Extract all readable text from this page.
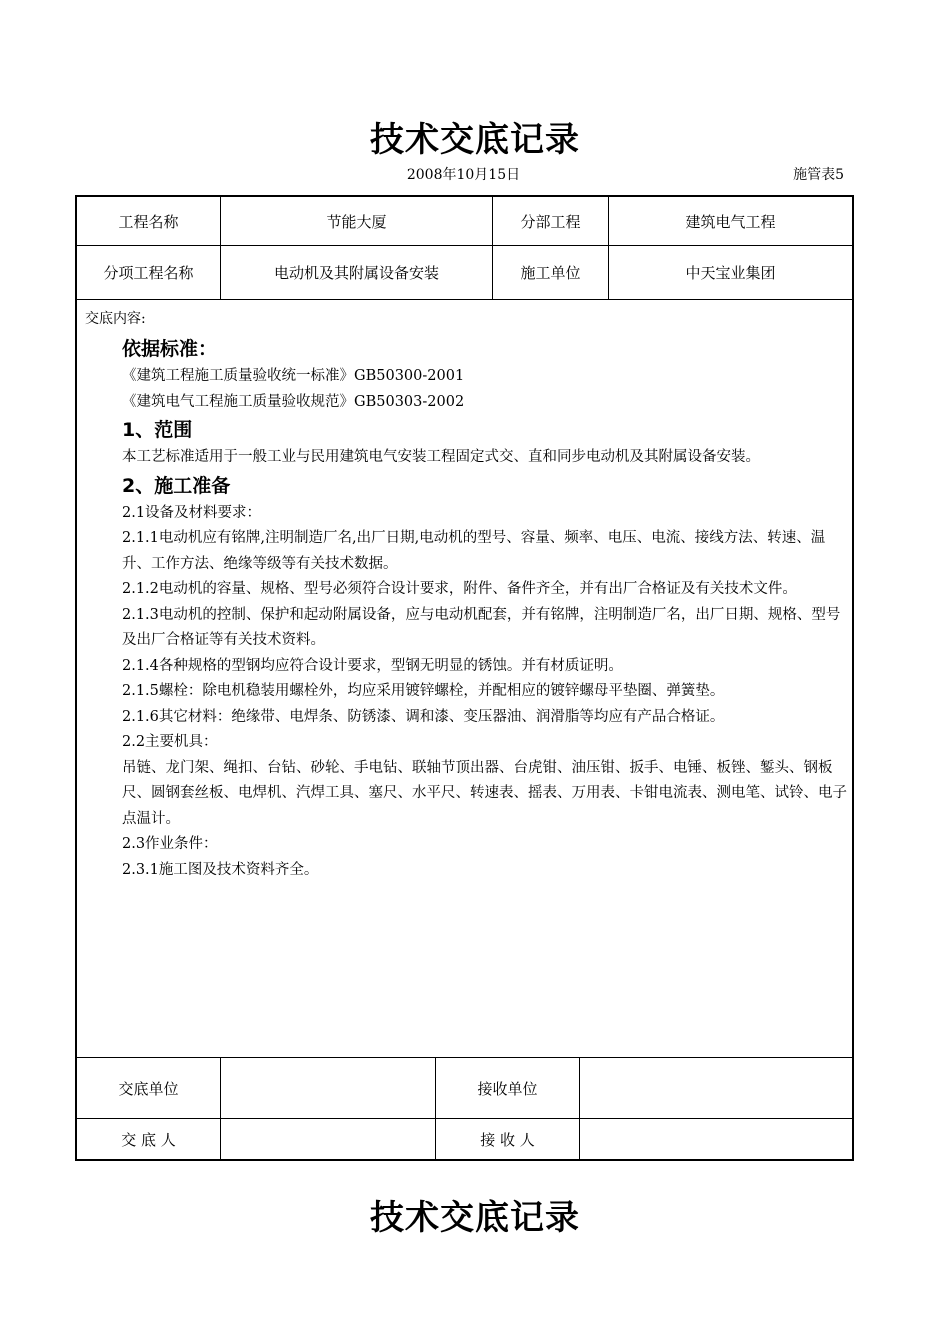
技术交底记录
2008年10月15日	施管表5
工程名称	节能大厦	分部工程	建筑电气工程
分项工程名称	电动机及其附属设备安装	施工单位	中天宝业集团
交底内容:

依据标准：

《建筑工程施工质量验收统一标准》GB50300-2001

《建筑电气工程施工质量验收规范》GB50303-2002

1、范围

本工艺标准适用于一般工业与民用建筑电气安装工程固定式交、直和同步电动机及其附属设备安装。

2、施工准备

2.1设备及材料要求：

2.1.1电动机应有铭牌,注明制造厂名,出厂日期,电动机的型号、容量、频率、电压、电流、接线方法、转速、温升、工作方法、绝缘等级等有关技术数据。

2.1.2电动机的容量、规格、型号必须符合设计要求，附件、备件齐全，并有出厂合格证及有关技术文件。

2.1.3电动机的控制、保护和起动附属设备，应与电动机配套，并有铭牌，注明制造厂名，出厂日期、规格、型号及出厂合格证等有关技术资料。

2.1.4各种规格的型钢均应符合设计要求，型钢无明显的锈蚀。并有材质证明。

2.1.5螺栓：除电机稳装用螺栓外，均应采用镀锌螺栓，并配相应的镀锌螺母平垫圈、弹簧垫。

2.1.6其它材料：绝缘带、电焊条、防锈漆、调和漆、变压器油、润滑脂等均应有产品合格证。

2.2主要机具：

吊链、龙门架、绳扣、台钻、砂轮、手电钻、联轴节顶出器、台虎钳、油压钳、扳手、电锤、板锉、錾头、钢板尺、圆钢套丝板、电焊机、汽焊工具、塞尺、水平尺、转速表、摇表、万用表、卡钳电流表、测电笔、试铃、电子点温计。

2.3作业条件：

2.3.1施工图及技术资料齐全。

交底单位	接收单位
交 底 人	接 收 人
技术交底记录
